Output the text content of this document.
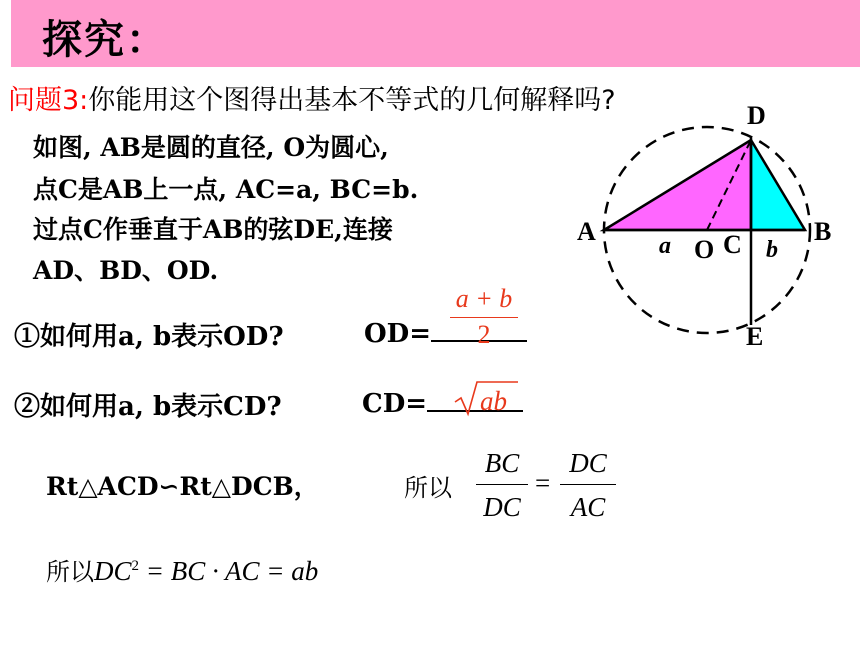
探究：
问题3:你能用这个图得出基本不等式的几何解释吗?
如图, AB是圆的直径, O为圆心,
点C是AB上一点, AC=a, BC=b.
过点C作垂直于AB的弦DE,连接
AD、BD、OD.
①如何用a, b表示OD?	OD=
a + b
2
②如何用a, b表示CD?	CD=	ab
Rt△ACD∽Rt△DCB，	所以
BC
DC
=
DC
AC
所以$DC^2$ = BC · AC = ab
A	B
D
E
O C
a	b
